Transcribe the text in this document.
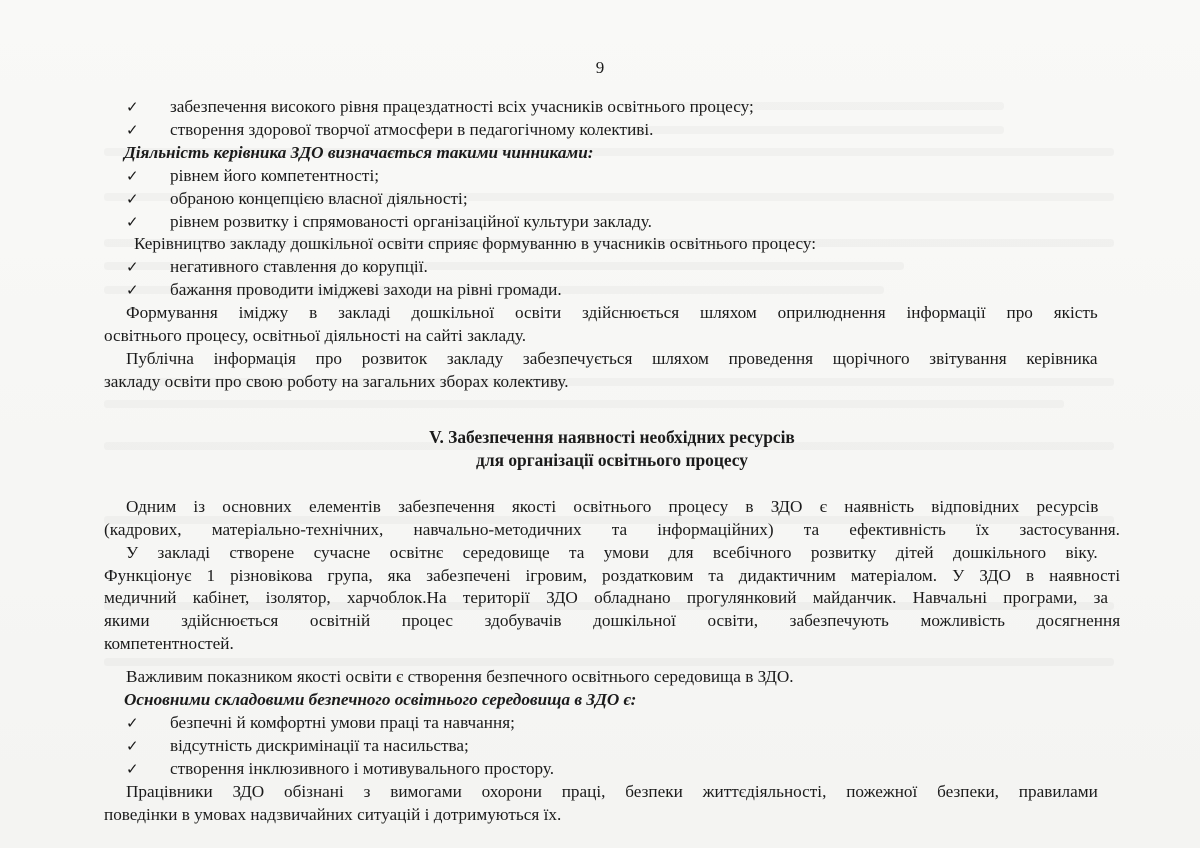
9
✓ забезпечення високого рівня працездатності всіх учасників освітнього процесу;
✓ створення здорової творчої атмосфери в педагогічному колективі.
Діяльність керівника ЗДО визначається такими чинниками:
✓ рівнем його компетентності;
✓ обраною концепцією власної діяльності;
✓ рівнем розвитку і спрямованості організаційної культури закладу.
Керівництво закладу дошкільної освіти сприяє формуванню в учасників освітнього процесу:
✓ негативного ставлення до корупції.
✓ бажання проводити іміджеві заходи на рівні громади.
Формування іміджу в закладі дошкільної освіти здійснюється шляхом оприлюднення інформації про якість
освітнього процесу, освітньої діяльності на сайті закладу.
Публічна інформація про розвиток закладу забезпечується шляхом проведення щорічного звітування керівника
закладу освіти про свою роботу на загальних зборах колективу.
V. Забезпечення наявності необхідних ресурсів
для організації освітнього процесу
Одним із основних елементів забезпечення якості освітнього процесу в ЗДО є наявність відповідних ресурсів
(кадрових, матеріально-технічних, навчально-методичних та інформаційних) та ефективність їх застосування.
У закладі створене сучасне освітнє середовище та умови для всебічного розвитку дітей дошкільного віку.
Функціонує 1 різновікова група, яка забезпечені ігровим, роздатковим та дидактичним матеріалом. У ЗДО в наявності
медичний кабінет, ізолятор, харчоблок.На території ЗДО обладнано прогулянковий майданчик. Навчальні програми, за
якими здійснюється освітній процес здобувачів дошкільної освіти, забезпечують можливість досягнення
компетентностей.
Важливим показником якості освіти є створення безпечного освітнього середовища в ЗДО.
Основними складовими безпечного освітнього середовища в ЗДО є:
✓ безпечні й комфортні умови праці та навчання;
✓ відсутність дискримінації та насильства;
✓ створення інклюзивного і мотивувального простору.
Працівники ЗДО обізнані з вимогами охорони праці, безпеки життєдіяльності, пожежної безпеки, правилами
поведінки в умовах надзвичайних ситуацій і дотримуються їх.
